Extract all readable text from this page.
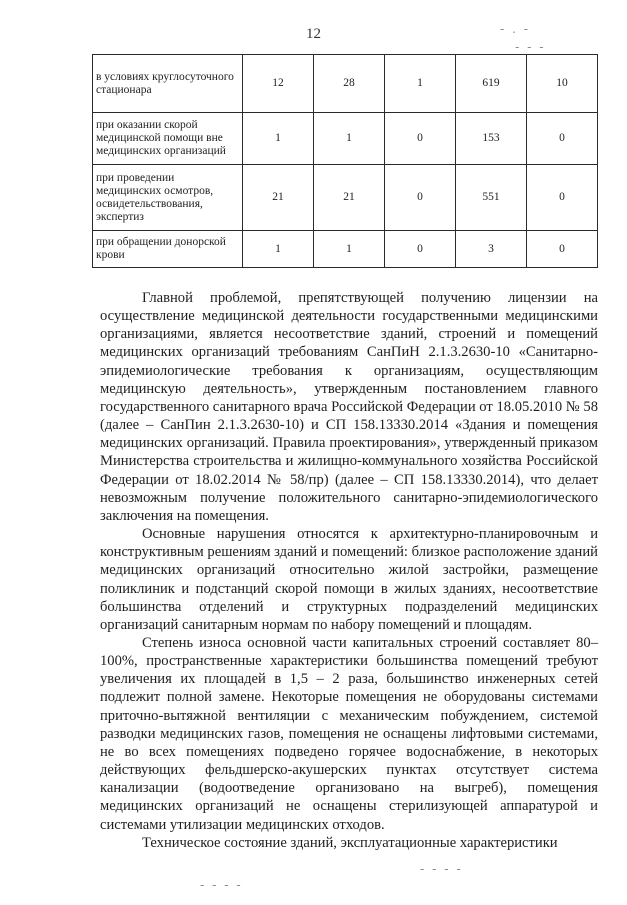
12	- . -
- - -
в условиях круглосуточного стационара	12	28	1	619	10
при оказании скорой медицинской помощи вне медицинских организаций	1	1	0	153	0
при проведении медицинских осмотров, освидетельствования, экспертиз	21	21	0	551	0
при обращении донорской крови	1	1	0	3	0

Главной проблемой, препятствующей получению лицензии на осуществление медицинской деятельности государственными медицинскими организациями, является несоответствие зданий, строений и помещений медицинских организаций требованиям СанПиН 2.1.3.2630-10 «Санитарно-эпидемиологические требования к организациям, осуществляющим медицинскую деятельность», утвержденным постановлением главного государственного санитарного врача Российской Федерации от 18.05.2010 № 58 (далее – СанПин 2.1.3.2630-10) и СП 158.13330.2014 «Здания и помещения медицинских организаций. Правила проектирования», утвержденный приказом Министерства строительства и жилищно-коммунального хозяйства Российской Федерации от 18.02.2014 № 58/пр) (далее – СП 158.13330.2014), что делает невозможным получение положительного санитарно-эпидемиологического заключения на помещения.

Основные нарушения относятся к архитектурно-планировочным и конструктивным решениям зданий и помещений: близкое расположение зданий медицинских организаций относительно жилой застройки, размещение поликлиник и подстанций скорой помощи в жилых зданиях, несоответствие большинства отделений и структурных подразделений медицинских организаций санитарным нормам по набору помещений и площадям.

Степень износа основной части капитальных строений составляет 80–100%, пространственные характеристики большинства помещений требуют увеличения их площадей в 1,5 – 2 раза, большинство инженерных сетей подлежит полной замене. Некоторые помещения не оборудованы системами приточно-вытяжной вентиляции с механическим побуждением, системой разводки медицинских газов, помещения не оснащены лифтовыми системами, не во всех помещениях подведено горячее водоснабжение, в некоторых действующих фельдшерско-акушерских пунктах отсутствует система канализации (водоотведение организовано на выгреб), помещения медицинских организаций не оснащены стерилизующей аппаратурой и системами утилизации медицинских отходов.

Техническое состояние зданий, эксплуатационные характеристики

- - - -
- - - -
